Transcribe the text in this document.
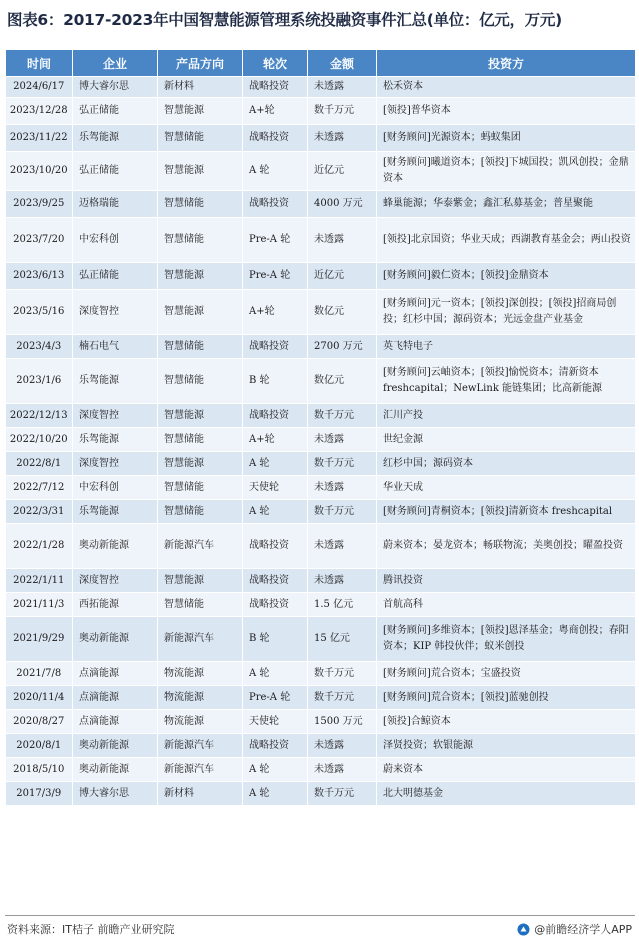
图表6：2017-2023年中国智慧能源管理系统投融资事件汇总(单位：亿元，万元)
时间	企业	产品方向	轮次	金额	投资方
2024/6/17	博大睿尔思	新材料	战略投资	未透露	松禾资本
2023/12/28	弘正储能	智慧能源	A+轮	数千万元	[领投]普华资本
2023/11/22	乐驾能源	智慧储能	战略投资	未透露	[财务顾问]光源资本；蚂蚁集团
2023/10/20	弘正储能	智慧能源	A 轮	近亿元	[财务顾问]曦道资本；[领投]下城国投；凯风创投；金鼎资本
2023/9/25	迈格瑞能	智慧储能	战略投资	4000 万元	蜂巢能源；华泰紫金；鑫汇私募基金；普星聚能
2023/7/20	中宏科创	智慧储能	Pre-A 轮	未透露	[领投]北京国资；华业天成；西湖教育基金会；两山投资
2023/6/13	弘正储能	智慧能源	Pre-A 轮	近亿元	[财务顾问]毅仁资本；[领投]金鼎资本
2023/5/16	深度智控	智慧能源	A+轮	数亿元	[财务顾问]元一资本；[领投]深创投；[领投]招商局创投；红杉中国；源码资本；光远金盘产业基金
2023/4/3	楠石电气	智慧储能	战略投资	2700 万元	英飞特电子
2023/1/6	乐驾能源	智慧储能	B 轮	数亿元	[财务顾问]云岫资本；[领投]愉悦资本；清新资本 freshcapital；NewLink 能链集团；比高新能源
2022/12/13	深度智控	智慧能源	战略投资	数千万元	汇川产投
2022/10/20	乐驾能源	智慧储能	A+轮	未透露	世纪金源
2022/8/1	深度智控	智慧能源	A 轮	数千万元	红杉中国；源码资本
2022/7/12	中宏科创	智慧储能	天使轮	未透露	华业天成
2022/3/31	乐驾能源	智慧储能	A 轮	数千万元	[财务顾问]青桐资本；[领投]清新资本 freshcapital
2022/1/28	奥动新能源	新能源汽车	战略投资	未透露	蔚来资本；晏龙资本；畅联物流；美奥创投；曜盈投资
2022/1/11	深度智控	智慧能源	战略投资	未透露	腾讯投资
2021/11/3	西拓能源	智慧储能	战略投资	1.5 亿元	首航高科
2021/9/29	奥动新能源	新能源汽车	B 轮	15 亿元	[财务顾问]多维资本；[领投]恩泽基金；粤商创投；春阳资本；KIP 韩投伙伴；蚁米创投
2021/7/8	点滴能源	物流能源	A 轮	数千万元	[财务顾问]荒合资本；宝盛投资
2020/11/4	点滴能源	物流能源	Pre-A 轮	数千万元	[财务顾问]荒合资本；[领投]蓝驰创投
2020/8/27	点滴能源	物流能源	天使轮	1500 万元	[领投]合鲸资本
2020/8/1	奥动新能源	新能源汽车	战略投资	未透露	泽贤投资；软银能源
2018/5/10	奥动新能源	新能源汽车	A 轮	未透露	蔚来资本
2017/3/9	博大睿尔思	新材料	A 轮	数千万元	北大明德基金
资料来源：IT桔子 前瞻产业研究院	@前瞻经济学人APP
